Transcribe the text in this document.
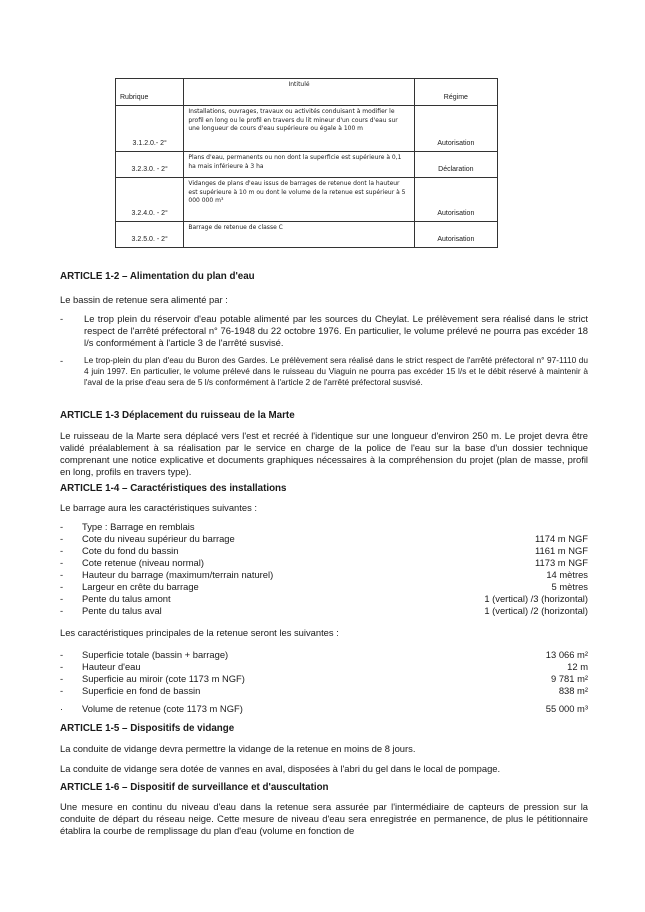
Rubrique	Intitulé	Régime
3.1.2.0.- 2°	Installations, ouvrages, travaux ou activités conduisant à modifier le profil en long ou le profil en travers du lit mineur d'un cours d'eau sur une longueur de cours d'eau supérieure ou égale à 100 m	Autorisation
3.2.3.0. - 2°	Plans d'eau, permanents ou non dont la superficie est supérieure à 0,1 ha mais inférieure à 3 ha	Déclaration
3.2.4.0. - 2°	Vidanges de plans d'eau issus de barrages de retenue dont la hauteur est supérieure à 10 m ou dont le volume de la retenue est supérieur à 5 000 000 m³	Autorisation
3.2.5.0. - 2°	Barrage de retenue de classe C	Autorisation
ARTICLE 1-2 – Alimentation du plan d'eau
Le bassin de retenue sera alimenté par :
- Le trop plein du réservoir d'eau potable alimenté par les sources du Cheylat. Le prélèvement sera réalisé dans le strict respect de l'arrêté préfectoral n° 76-1948 du 22 octobre 1976. En particulier, le volume prélevé ne pourra pas excéder 18 l/s conformément à l'article 3 de l'arrêté susvisé.
-	Le trop-plein du plan d'eau du Buron des Gardes. Le prélèvement sera réalisé dans le strict respect de l'arrêté préfectoral n° 97-1110 du 4 juin 1997. En particulier, le volume prélevé dans le ruisseau du Viaguin ne pourra pas excéder 15 l/s et le débit réservé à maintenir à l'aval de la prise d'eau sera de 5 l/s conformément à l'article 2 de l'arrêté préfectoral susvisé.
ARTICLE 1-3 Déplacement du ruisseau de la Marte
Le ruisseau de la Marte sera déplacé vers l'est et recréé à l'identique sur une longueur d'environ 250 m. Le projet devra être validé préalablement à sa réalisation par le service en charge de la police de l'eau sur la base d'un dossier technique comprenant une notice explicative et documents graphiques nécessaires à la compréhension du projet (plan de masse, profil en long, profils en travers type).
ARTICLE 1-4 – Caractéristiques des installations
Le barrage aura les caractéristiques suivantes :
- Type : Barrage en remblais
- Cote du niveau supérieur du barrage	1174 m NGF
- Cote du fond du bassin	1161 m NGF
- Cote retenue (niveau normal)	1173 m NGF
- Hauteur du barrage (maximum/terrain naturel)	14 mètres
- Largeur en crête du barrage	5 mètres
- Pente du talus amont	1 (vertical) /3 (horizontal)
- Pente du talus aval	1 (vertical) /2 (horizontal)
Les caractéristiques principales de la retenue seront les suivantes :
- Superficie totale (bassin + barrage)	13 066 m²
- Hauteur d'eau	12 m
- Superficie au miroir (cote 1173 m NGF)	9 781 m²
- Superficie en fond de bassin	838 m²
· Volume de retenue (cote 1173 m NGF)	55 000 m³
ARTICLE 1-5 – Dispositifs de vidange
La conduite de vidange devra permettre la vidange de la retenue en moins de 8 jours.
La conduite de vidange sera dotée de vannes en aval, disposées à l'abri du gel dans le local de pompage.
ARTICLE 1-6 – Dispositif de surveillance et d'auscultation
Une mesure en continu du niveau d'eau dans la retenue sera assurée par l'intermédiaire de capteurs de pression sur la conduite de départ du réseau neige. Cette mesure de niveau d'eau sera enregistrée en permanence, de plus le pétitionnaire établira la courbe de remplissage du plan d'eau (volume en fonction de
